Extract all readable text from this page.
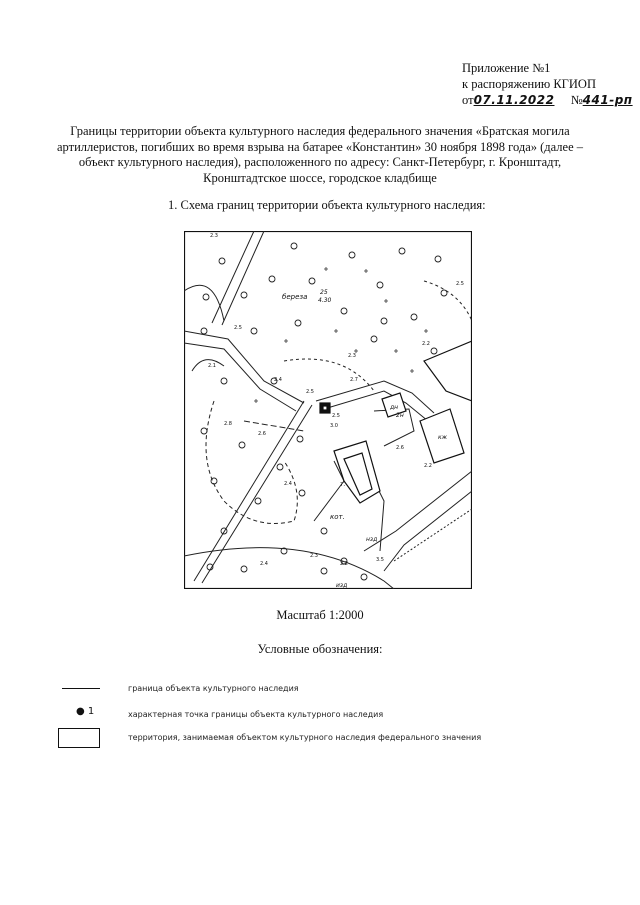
Приложение №1
к распоряжению КГИОП
от07.11.2022 №441-рп
Границы территории объекта культурного наследия федерального значения «Братская могила артиллеристов, погибших во время взрыва на батарее «Константин» 30 ноября 1898 года» (далее – объект культурного наследия), расположенного по адресу: Санкт-Петербург, г. Кронштадт, Кронштадтское шоссе, городское кладбище
1. Схема границ территории объекта культурного наследия:
береза
25
4.30
кот.
дн
2н
т.
кж
нзд
изд
2.3
2.5
2.4
2.5
2.6
2.5
3.0
2.6
2.8
2.4
2.4
2.3
2.2
2.2
2.3
2.5
2.1
2.2
3.5
2.7
Масштаб 1:2000
Условные обозначения:
граница объекта культурного наследия
● 1	характерная точка границы объекта культурного наследия
территория, занимаемая объектом культурного наследия федерального значения
